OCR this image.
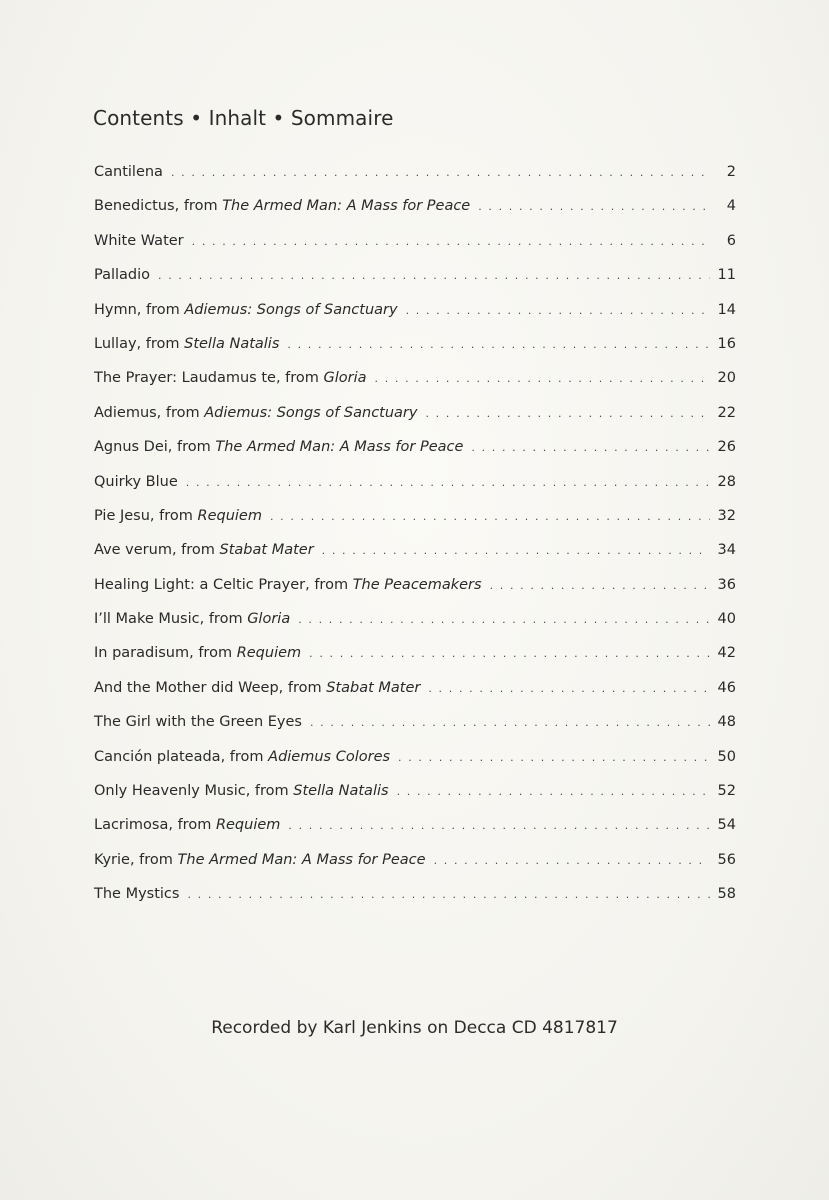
Contents • Inhalt • Sommaire
Cantilena . . .	2
Benedictus, from The Armed Man: A Mass for Peace . . .	4
White Water . . .	6
Palladio . . .	11
Hymn, from Adiemus: Songs of Sanctuary . . .	14
Lullay, from Stella Natalis . . .	16
The Prayer: Laudamus te, from Gloria . . .	20
Adiemus, from Adiemus: Songs of Sanctuary . . .	22
Agnus Dei, from The Armed Man: A Mass for Peace . . .	26
Quirky Blue . . .	28
Pie Jesu, from Requiem . . .	32
Ave verum, from Stabat Mater . . .	34
Healing Light: a Celtic Prayer, from The Peacemakers . . .	36
I’ll Make Music, from Gloria . . .	40
In paradisum, from Requiem . . .	42
And the Mother did Weep, from Stabat Mater . . .	46
The Girl with the Green Eyes . . .	48
Canción plateada, from Adiemus Colores . . .	50
Only Heavenly Music, from Stella Natalis . . .	52
Lacrimosa, from Requiem . . .	54
Kyrie, from The Armed Man: A Mass for Peace . . .	56
The Mystics . . .	58
Recorded by Karl Jenkins on Decca CD 4817817
